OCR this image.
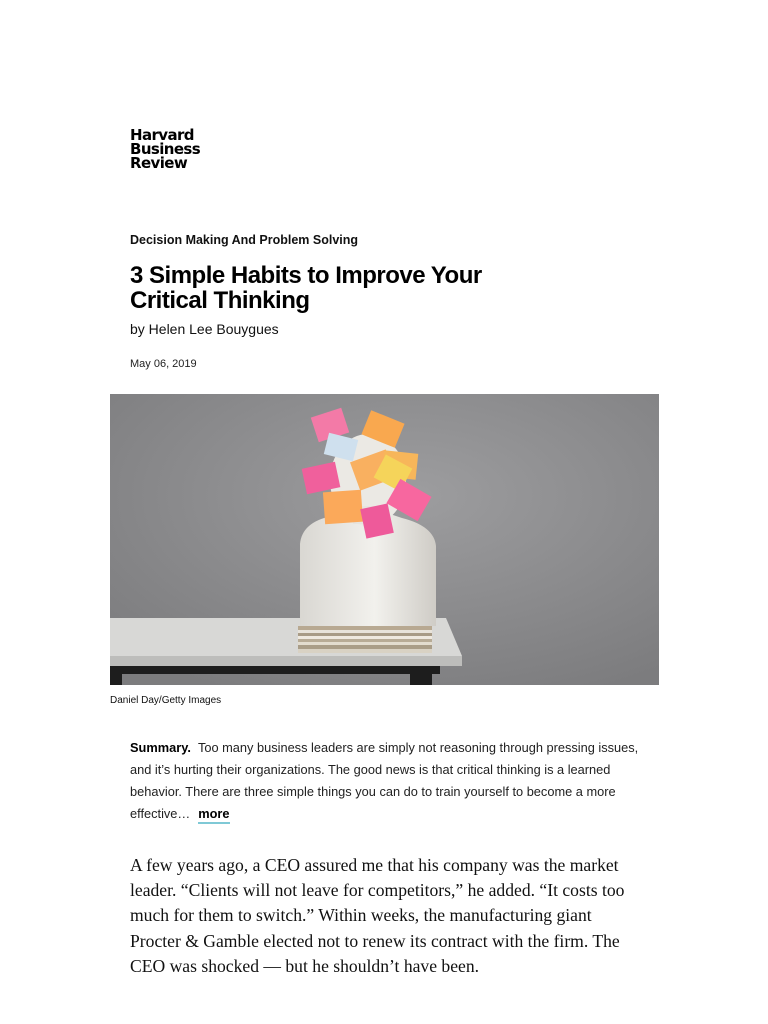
Harvard
Business
Review
Decision Making And Problem Solving
3 Simple Habits to Improve Your Critical Thinking

by Helen Lee Bouygues

May 06, 2019

Daniel Day/Getty Images

Summary. Too many business leaders are simply not reasoning through pressing issues, and it’s hurting their organizations. The good news is that critical thinking is a learned behavior. There are three simple things you can do to train yourself to become a more effective… more

A few years ago, a CEO assured me that his company was the market leader. “Clients will not leave for competitors,” he added. “It costs too much for them to switch.” Within weeks, the manufacturing giant Procter & Gamble elected not to renew its contract with the firm. The CEO was shocked — but he shouldn’t have been.
